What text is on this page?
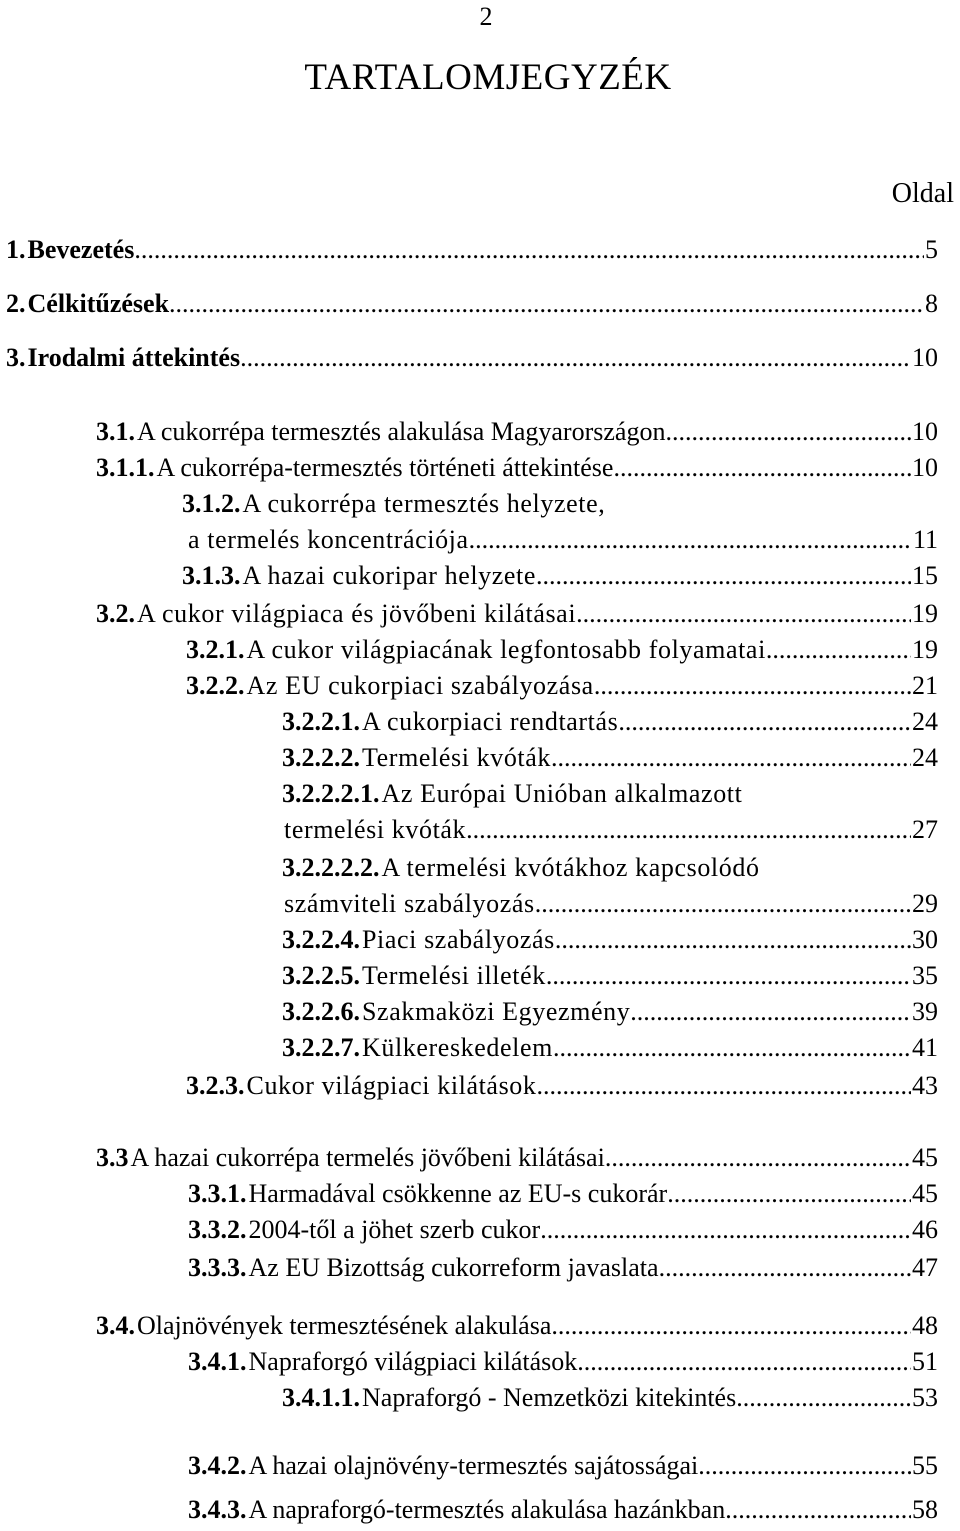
2
TARTALOMJEGYZÉK
Oldal
1. Bevezetés .....	5
2. Célkitűzések .....	8
3. Irodalmi áttekintés .....	10
3.1. A cukorrépa termesztés alakulása Magyarországon .....	10
3.1.1. A cukorrépa-termesztés történeti áttekintése .....	10
3.1.2. A cukorrépa termesztés helyzete,
a termelés koncentrációja .....	11
3.1.3. A hazai cukoripar helyzete .....	15
3.2. A cukor világpiaca és jövőbeni kilátásai .....	19
3.2.1. A cukor világpiacának legfontosabb folyamatai .....	19
3.2.2. Az EU cukorpiaci szabályozása .....	21
3.2.2.1. A cukorpiaci rendtartás .....	24
3.2.2.2. Termelési kvóták .....	24
3.2.2.2.1. Az Európai Unióban alkalmazott
termelési kvóták .....	27
3.2.2.2.2. A termelési kvótákhoz kapcsolódó
számviteli szabályozás .....	29
3.2.2.4. Piaci szabályozás .....	30
3.2.2.5. Termelési illeték .....	35
3.2.2.6. Szakmaközi Egyezmény .....	39
3.2.2.7. Külkereskedelem .....	41
3.2.3. Cukor világpiaci kilátások .....	43
3.3 A hazai cukorrépa termelés jövőbeni kilátásai .....	45
3.3.1. Harmadával csökkenne az EU-s cukorár .....	45
3.3.2. 2004-től a jöhet szerb cukor .....	46
3.3.3. Az EU Bizottság cukorreform javaslata .....	47
3.4. Olajnövények termesztésének alakulása .....	48
3.4.1. Napraforgó világpiaci kilátások .....	51
3.4.1.1. Napraforgó - Nemzetközi kitekintés .....	53
3.4.2. A hazai olajnövény-termesztés sajátosságai .....	55
3.4.3. A napraforgó-termesztés alakulása hazánkban .....	58
